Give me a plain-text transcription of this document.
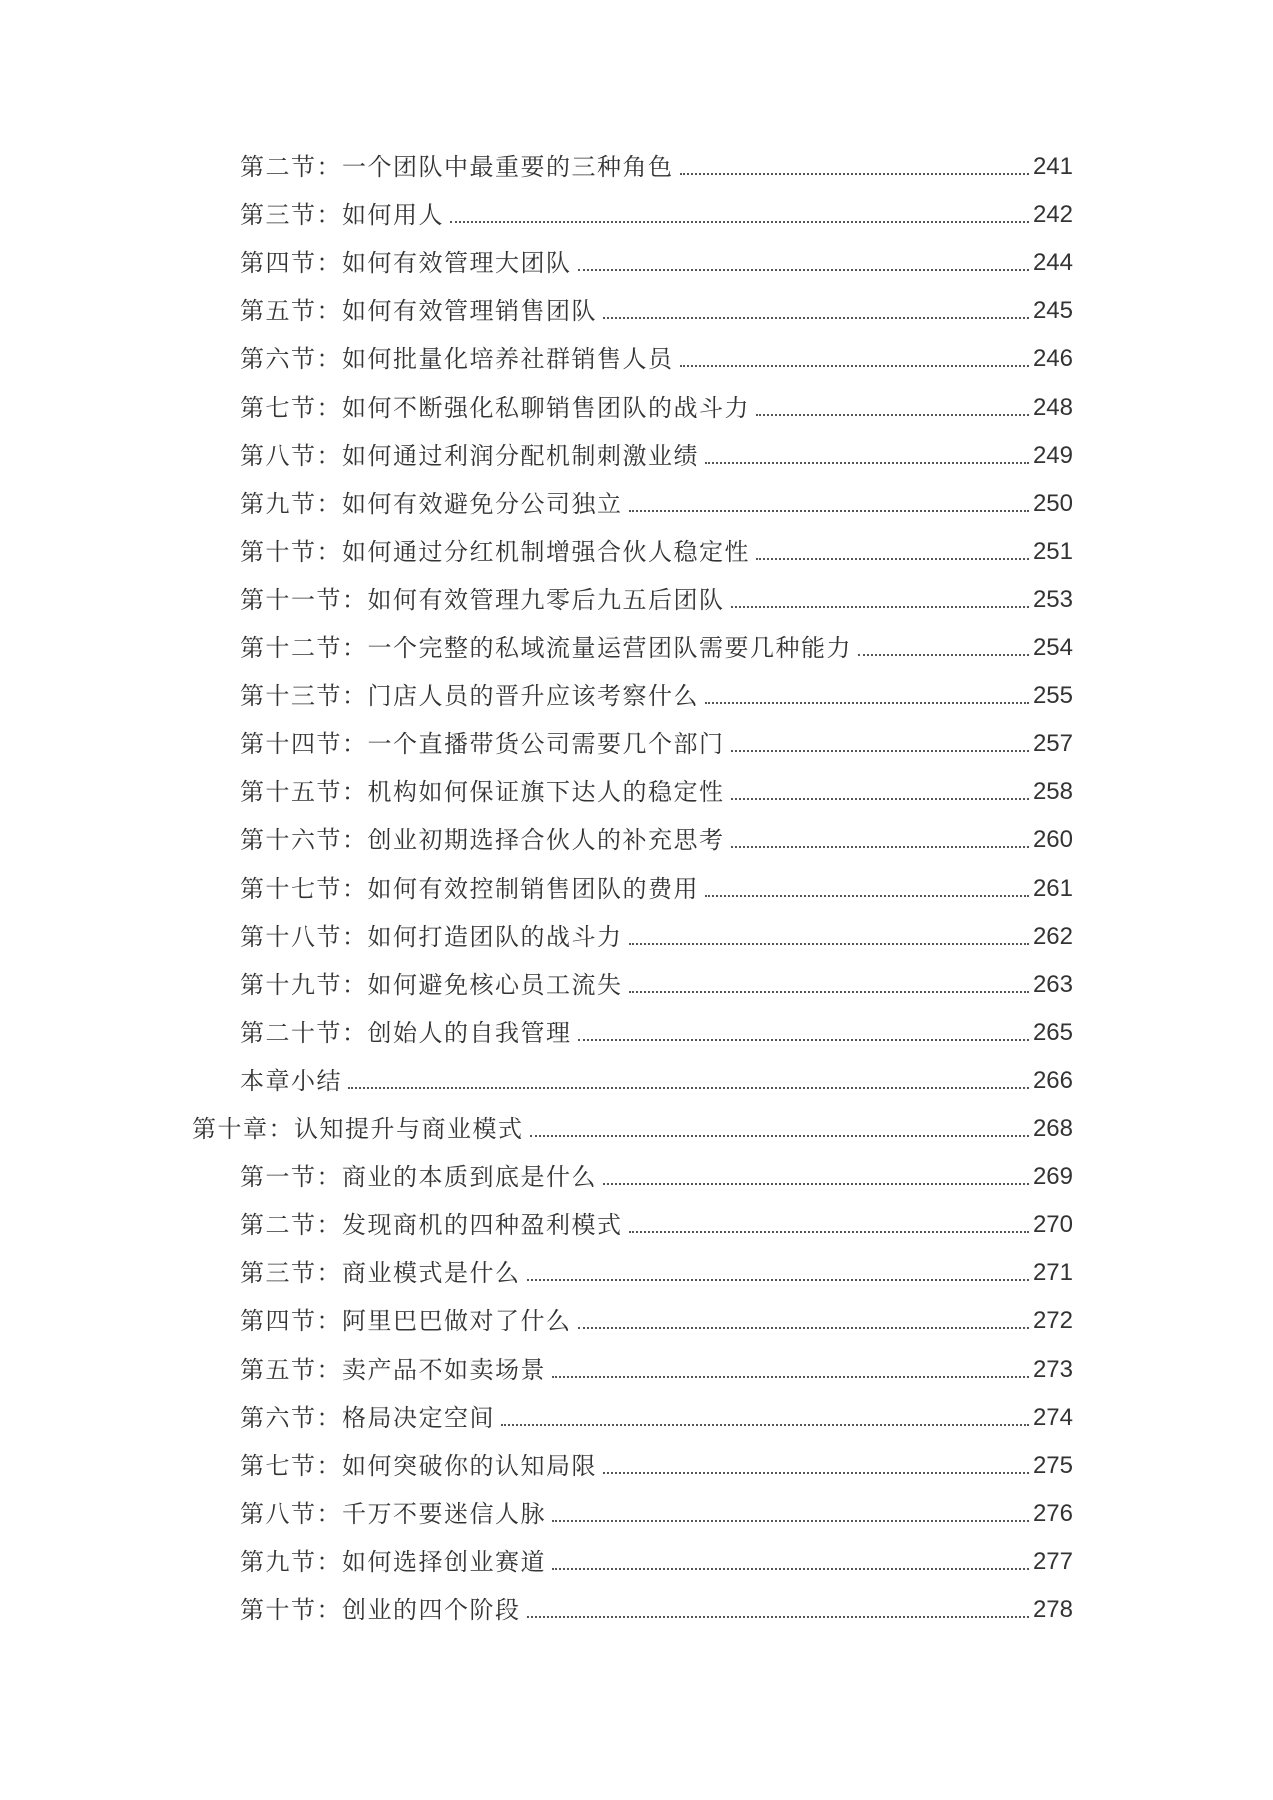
第二节：一个团队中最重要的三种角色	241
第三节：如何用人	242
第四节：如何有效管理大团队	244
第五节：如何有效管理销售团队	245
第六节：如何批量化培养社群销售人员	246
第七节：如何不断强化私聊销售团队的战斗力	248
第八节：如何通过利润分配机制刺激业绩	249
第九节：如何有效避免分公司独立	250
第十节：如何通过分红机制增强合伙人稳定性	251
第十一节：如何有效管理九零后九五后团队	253
第十二节：一个完整的私域流量运营团队需要几种能力	254
第十三节：门店人员的晋升应该考察什么	255
第十四节：一个直播带货公司需要几个部门	257
第十五节：机构如何保证旗下达人的稳定性	258
第十六节：创业初期选择合伙人的补充思考	260
第十七节：如何有效控制销售团队的费用	261
第十八节：如何打造团队的战斗力	262
第十九节：如何避免核心员工流失	263
第二十节：创始人的自我管理	265
本章小结	266
第十章：认知提升与商业模式	268
第一节：商业的本质到底是什么	269
第二节：发现商机的四种盈利模式	270
第三节：商业模式是什么	271
第四节：阿里巴巴做对了什么	272
第五节：卖产品不如卖场景	273
第六节：格局决定空间	274
第七节：如何突破你的认知局限	275
第八节：千万不要迷信人脉	276
第九节：如何选择创业赛道	277
第十节：创业的四个阶段	278
